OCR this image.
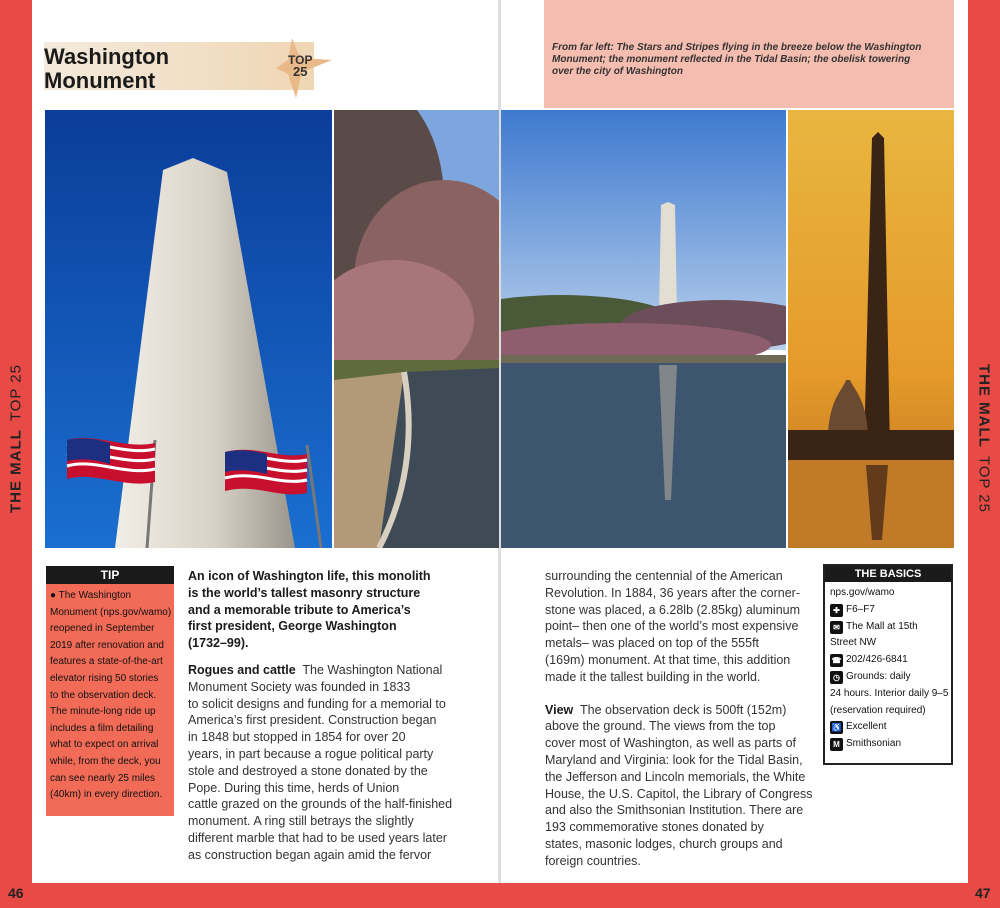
THE MALLTOP 25	THE MALLTOP 25
46	47
Washington
Monument
TOP
25
From far left: The Stars and Stripes flying in the breeze below the Washington Monument; the monument reflected in the Tidal Basin; the obelisk towering over the city of Washington
TIP
● The Washington
Monument (nps.gov/wamo)
reopened in September
2019 after renovation and
features a state-of-the-art
elevator rising 50 stories
to the observation deck.
The minute-long ride up
includes a film detailing
what to expect on arrival
while, from the deck, you
can see nearly 25 miles
(40km) in every direction.
An icon of Washington life, this monolith
is the world’s tallest masonry structure
and a memorable tribute to America’s
first president, George Washington
(1732–99).
Rogues and cattle The Washington National
Monument Society was founded in 1833
to solicit designs and funding for a memorial to
America’s first president. Construction began
in 1848 but stopped in 1854 for over 20
years, in part because a rogue political party
stole and destroyed a stone donated by the
Pope. During this time, herds of Union
cattle grazed on the grounds of the half-finished
monument. A ring still betrays the slightly
different marble that had to be used years later
as construction began again amid the fervor
surrounding the centennial of the American
Revolution. In 1884, 36 years after the corner-
stone was placed, a 6.28lb (2.85kg) aluminum
point– then one of the world’s most expensive
metals– was placed on top of the 555ft
(169m) monument. At that time, this addition
made it the tallest building in the world.
View The observation deck is 500ft (152m)
above the ground. The views from the top
cover most of Washington, as well as parts of
Maryland and Virginia: look for the Tidal Basin,
the Jefferson and Lincoln memorials, the White
House, the U.S. Capitol, the Library of Congress
and also the Smithsonian Institution. There are
193 commemorative stones donated by
states, masonic lodges, church groups and
foreign countries.
THE BASICS
nps.gov/wamo
✚ F6–F7
✉ The Mall at 15th
Street NW
☎ 202/426-6841
◷ Grounds: daily
24 hours. Interior daily 9–5
(reservation required)
♿ Excellent
M Smithsonian
